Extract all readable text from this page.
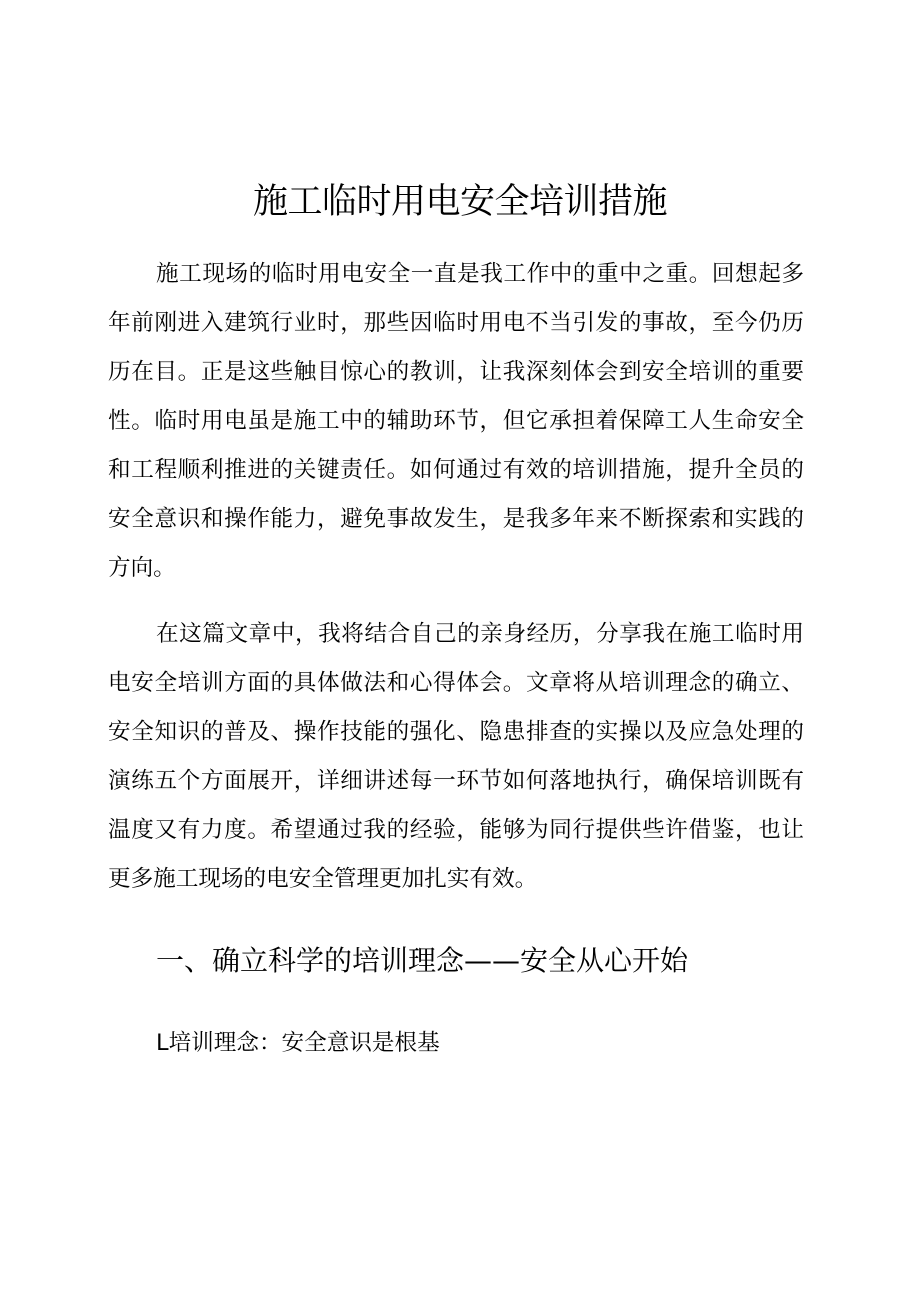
施工临时用电安全培训措施

施工现场的临时用电安全一直是我工作中的重中之重。回想起多年前刚进入建筑行业时，那些因临时用电不当引发的事故，至今仍历历在目。正是这些触目惊心的教训，让我深刻体会到安全培训的重要性。临时用电虽是施工中的辅助环节，但它承担着保障工人生命安全和工程顺利推进的关键责任。如何通过有效的培训措施，提升全员的安全意识和操作能力，避免事故发生，是我多年来不断探索和实践的方向。

在这篇文章中，我将结合自己的亲身经历，分享我在施工临时用电安全培训方面的具体做法和心得体会。文章将从培训理念的确立、安全知识的普及、操作技能的强化、隐患排查的实操以及应急处理的演练五个方面展开，详细讲述每一环节如何落地执行，确保培训既有温度又有力度。希望通过我的经验，能够为同行提供些许借鉴，也让更多施工现场的电安全管理更加扎实有效。

一、确立科学的培训理念——安全从心开始
L培训理念：安全意识是根基
